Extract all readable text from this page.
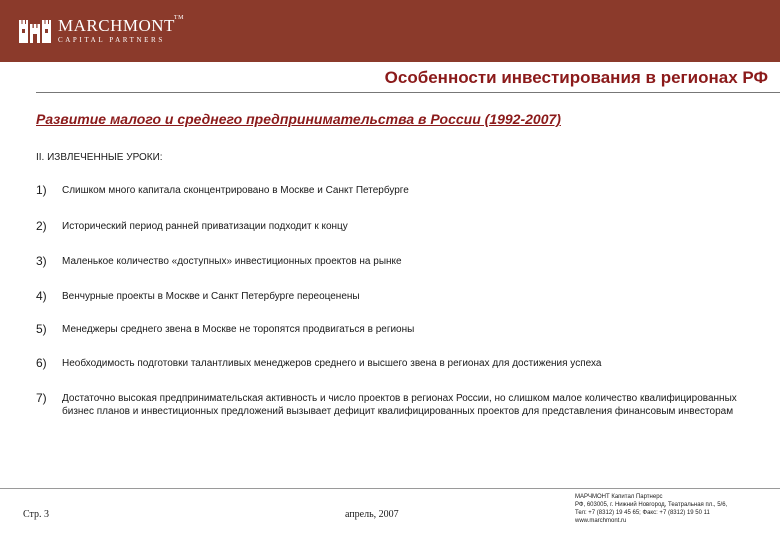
MARCHMONT TM
CAPITAL PARTNERS
Особенности инвестирования в регионах РФ
Развитие малого и среднего предпринимательства в России (1992-2007)
II. ИЗВЛЕЧЕННЫЕ УРОКИ:
1)	Слишком много капитала сконцентрировано в Москве и Санкт Петербурге
2)	Исторический период ранней приватизации подходит к концу
3)	Маленькое количество «доступных» инвестиционных проектов на рынке
4)	Венчурные проекты в Москве и Санкт Петербурге переоценены
5)	Менеджеры среднего звена в Москве не торопятся продвигаться в регионы
6)	Необходимость подготовки талантливых менеджеров среднего и высшего звена в регионах для достижения успеха
7)	Достаточно высокая предпринимательская активность и число проектов в регионах России, но слишком малое количество квалифицированных бизнес планов и инвестиционных предложений вызывает дефицит квалифицированных проектов для представления финансовым инвесторам
Стр. 3	апрель, 2007
МАРЧМОНТ Капитал Партнерс
РФ, 603005, г. Нижний Новгород, Театральная пл., 5/6,
Тел: +7 (8312) 19 45 65; Факс: +7 (8312) 19 50 11
www.marchmont.ru
